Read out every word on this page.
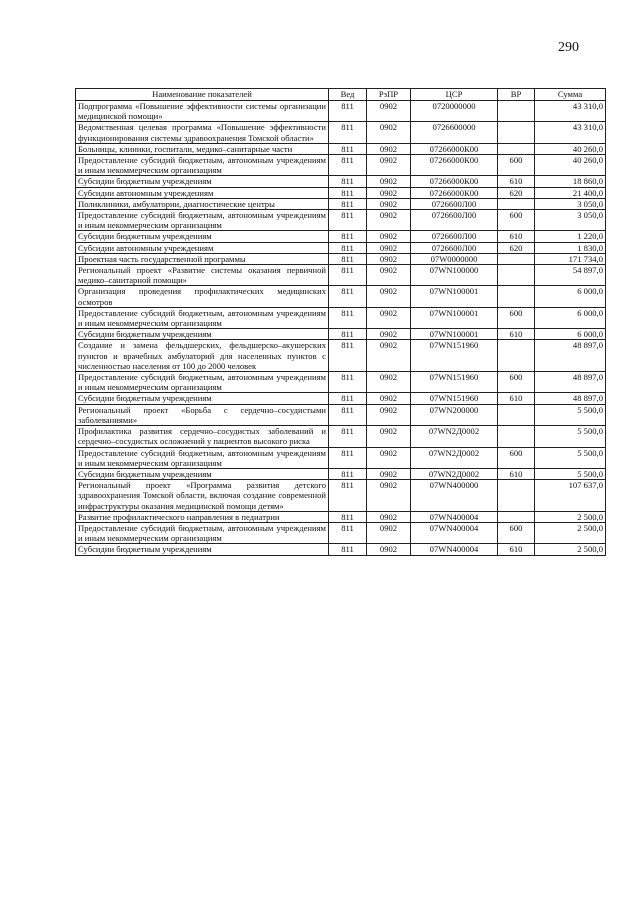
290
Наименование показателей	Вед	РзПР	ЦСР	ВР	Сумма
Подпрограмма «Повышение эффективности системы организации медицинской помощи»	811	0902	0720000000		43 310,0
Ведомственная целевая программа «Повышение эффективности функционирования системы здравоохранения Томской области»	811	0902	0726600000		43 310,0
Больницы, клиники, госпитали, медико–санитарные части	811	0902	07266000К00		40 260,0
Предоставление субсидий бюджетным, автономным учреждениям и иным некоммерческим организациям	811	0902	07266000К00	600	40 260,0
Субсидии бюджетным учреждениям	811	0902	07266000К00	610	18 860,0
Субсидии автономным учреждениям	811	0902	07266000К00	620	21 400,0
Поликлиники, амбулатории, диагностические центры	811	0902	0726600Л00		3 050,0
Предоставление субсидий бюджетным, автономным учреждениям и иным некоммерческим организациям	811	0902	0726600Л00	600	3 050,0
Субсидии бюджетным учреждениям	811	0902	0726600Л00	610	1 220,0
Субсидии автономным учреждениям	811	0902	0726600Л00	620	1 830,0
Проектная часть государственной программы	811	0902	07W0000000		171 734,0
Региональный проект «Развитие системы оказания первичной медико–санитарной помощи»	811	0902	07WN100000		54 897,0
Организация проведения профилактических медицинских осмотров	811	0902	07WN100001		6 000,0
Предоставление субсидий бюджетным, автономным учреждениям и иным некоммерческим организациям	811	0902	07WN100001	600	6 000,0
Субсидии бюджетным учреждениям	811	0902	07WN100001	610	6 000,0
Создание и замена фельдшерских, фельдшерско–акушерских пунктов и врачебных амбулаторий для населенных пунктов с численностью населения от 100 до 2000 человек	811	0902	07WN151960		48 897,0
Предоставление субсидий бюджетным, автономным учреждениям и иным некоммерческим организациям	811	0902	07WN151960	600	48 897,0
Субсидии бюджетным учреждениям	811	0902	07WN151960	610	48 897,0
Региональный проект «Борьба с сердечно–сосудистыми заболеваниями»	811	0902	07WN200000		5 500,0
Профилактика развития сердечно–сосудистых заболеваний и сердечно–сосудистых осложнений у пациентов высокого риска	811	0902	07WN2Д0002		5 500,0
Предоставление субсидий бюджетным, автономным учреждениям и иным некоммерческим организациям	811	0902	07WN2Д0002	600	5 500,0
Субсидии бюджетным учреждениям	811	0902	07WN2Д0002	610	5 500,0
Региональный проект «Программа развития детского здравоохранения Томской области, включая создание современной инфраструктуры оказания медицинской помощи детям»	811	0902	07WN400000		107 637,0
Развитие профилактического направления в педиатрии	811	0902	07WN400004		2 500,0
Предоставление субсидий бюджетным, автономным учреждениям и иным некоммерческим организациям	811	0902	07WN400004	600	2 500,0
Субсидии бюджетным учреждениям	811	0902	07WN400004	610	2 500,0
